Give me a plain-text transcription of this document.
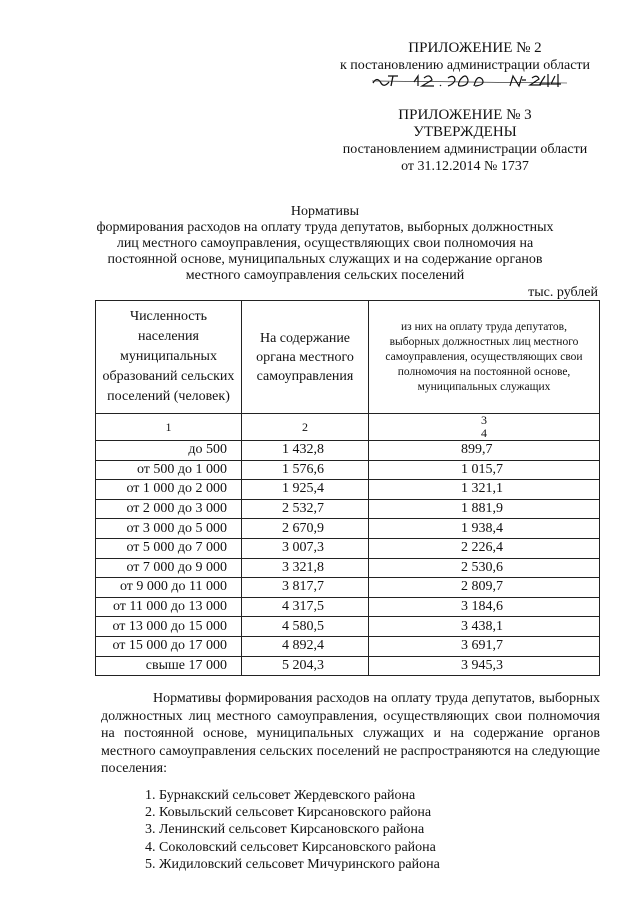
ПРИЛОЖЕНИЕ № 2
к постановлению администрации области
ПРИЛОЖЕНИЕ № 3
УТВЕРЖДЕНЫ
постановлением администрации области
от 31.12.2014 № 1737
Нормативы
формирования расходов на оплату труда депутатов, выборных должностных
лиц местного самоуправления, осуществляющих свои полномочия на
постоянной основе, муниципальных служащих и на содержание органов
местного самоуправления сельских поселений
тыс. рублей
Численность населения муниципальных образований сельских поселений (человек)	На содержание органа местного самоуправления	из них на оплату труда депутатов, выборных должностных лиц местного самоуправления, осуществляющих свои полномочия на постоянной основе, муниципальных служащих
1	2	3
4

до 500	1 432,8	899,7
от 500 до 1 000	1 576,6	1 015,7
от 1 000 до 2 000	1 925,4	1 321,1
от 2 000 до 3 000	2 532,7	1 881,9
от 3 000 до 5 000	2 670,9	1 938,4
от 5 000 до 7 000	3 007,3	2 226,4
от 7 000 до 9 000	3 321,8	2 530,6
от 9 000 до 11 000	3 817,7	2 809,7
от 11 000 до 13 000	4 317,5	3 184,6
от 13 000 до 15 000	4 580,5	3 438,1
от 15 000 до 17 000	4 892,4	3 691,7
свыше 17 000	5 204,3	3 945,3

Нормативы формирования расходов на оплату труда депутатов, выборных должностных лиц местного самоуправления, осуществляющих свои полномочия на постоянной основе, муниципальных служащих и на содержание органов местного самоуправления сельских поселений не распространяются на следующие поселения:

1. Бурнакский сельсовет Жердевского района
2. Ковыльский сельсовет Кирсановского района
3. Ленинский сельсовет Кирсановского района
4. Соколовский сельсовет Кирсановского района
5. Жидиловский сельсовет Мичуринского района
